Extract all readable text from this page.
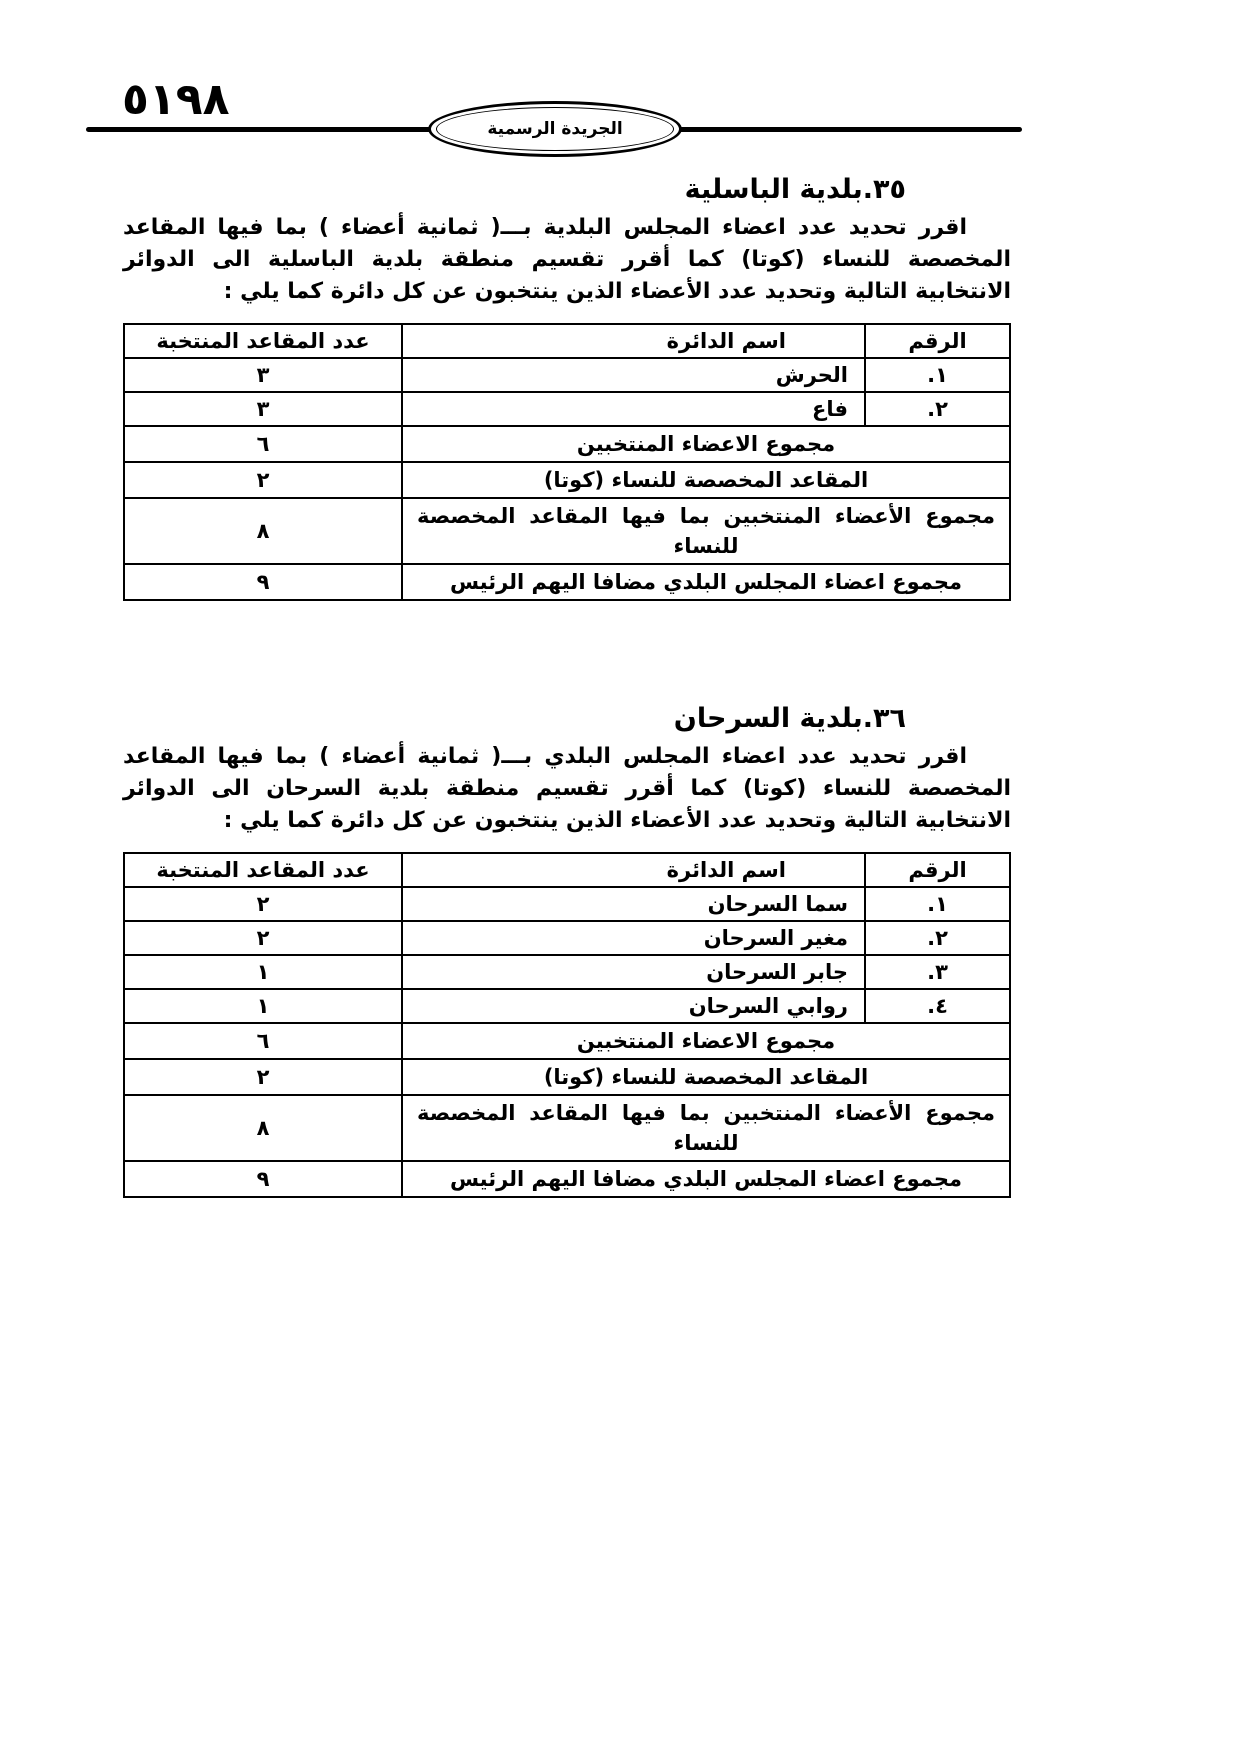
٥١٩٨
الجريدة الرسمية
٣٥.بلدية الباسلية

اقرر تحديد عدد اعضاء المجلس البلدية بـــ( ثمانية أعضاء ) بما فيها المقاعد المخصصة للنساء (كوتا) كما أقرر تقسيم منطقة بلدية الباسلية الى الدوائر الانتخابية التالية وتحديد عدد الأعضاء الذين ينتخبون عن كل دائرة كما يلي :

الرقم	اسم الدائرة	عدد المقاعد المنتخبة
١.	الحرش	٣
٢.	فاع	٣
مجموع الاعضاء المنتخبين		٦
المقاعد المخصصة للنساء (كوتا)		٢
مجموع الأعضاء المنتخبين بما فيها المقاعد المخصصة للنساء		٨
مجموع اعضاء المجلس البلدي مضافا اليهم الرئيس		٩
٣٦.بلدية السرحان

اقرر تحديد عدد اعضاء المجلس البلدي بـــ( ثمانية أعضاء ) بما فيها المقاعد المخصصة للنساء (كوتا) كما أقرر تقسيم منطقة بلدية السرحان الى الدوائر الانتخابية التالية وتحديد عدد الأعضاء الذين ينتخبون عن كل دائرة كما يلي :

الرقم	اسم الدائرة	عدد المقاعد المنتخبة
١.	سما السرحان	٢
٢.	مغير السرحان	٢
٣.	جابر السرحان	١
٤.	روابي السرحان	١
مجموع الاعضاء المنتخبين		٦
المقاعد المخصصة للنساء (كوتا)		٢
مجموع الأعضاء المنتخبين بما فيها المقاعد المخصصة للنساء		٨
مجموع اعضاء المجلس البلدي مضافا اليهم الرئيس		٩
